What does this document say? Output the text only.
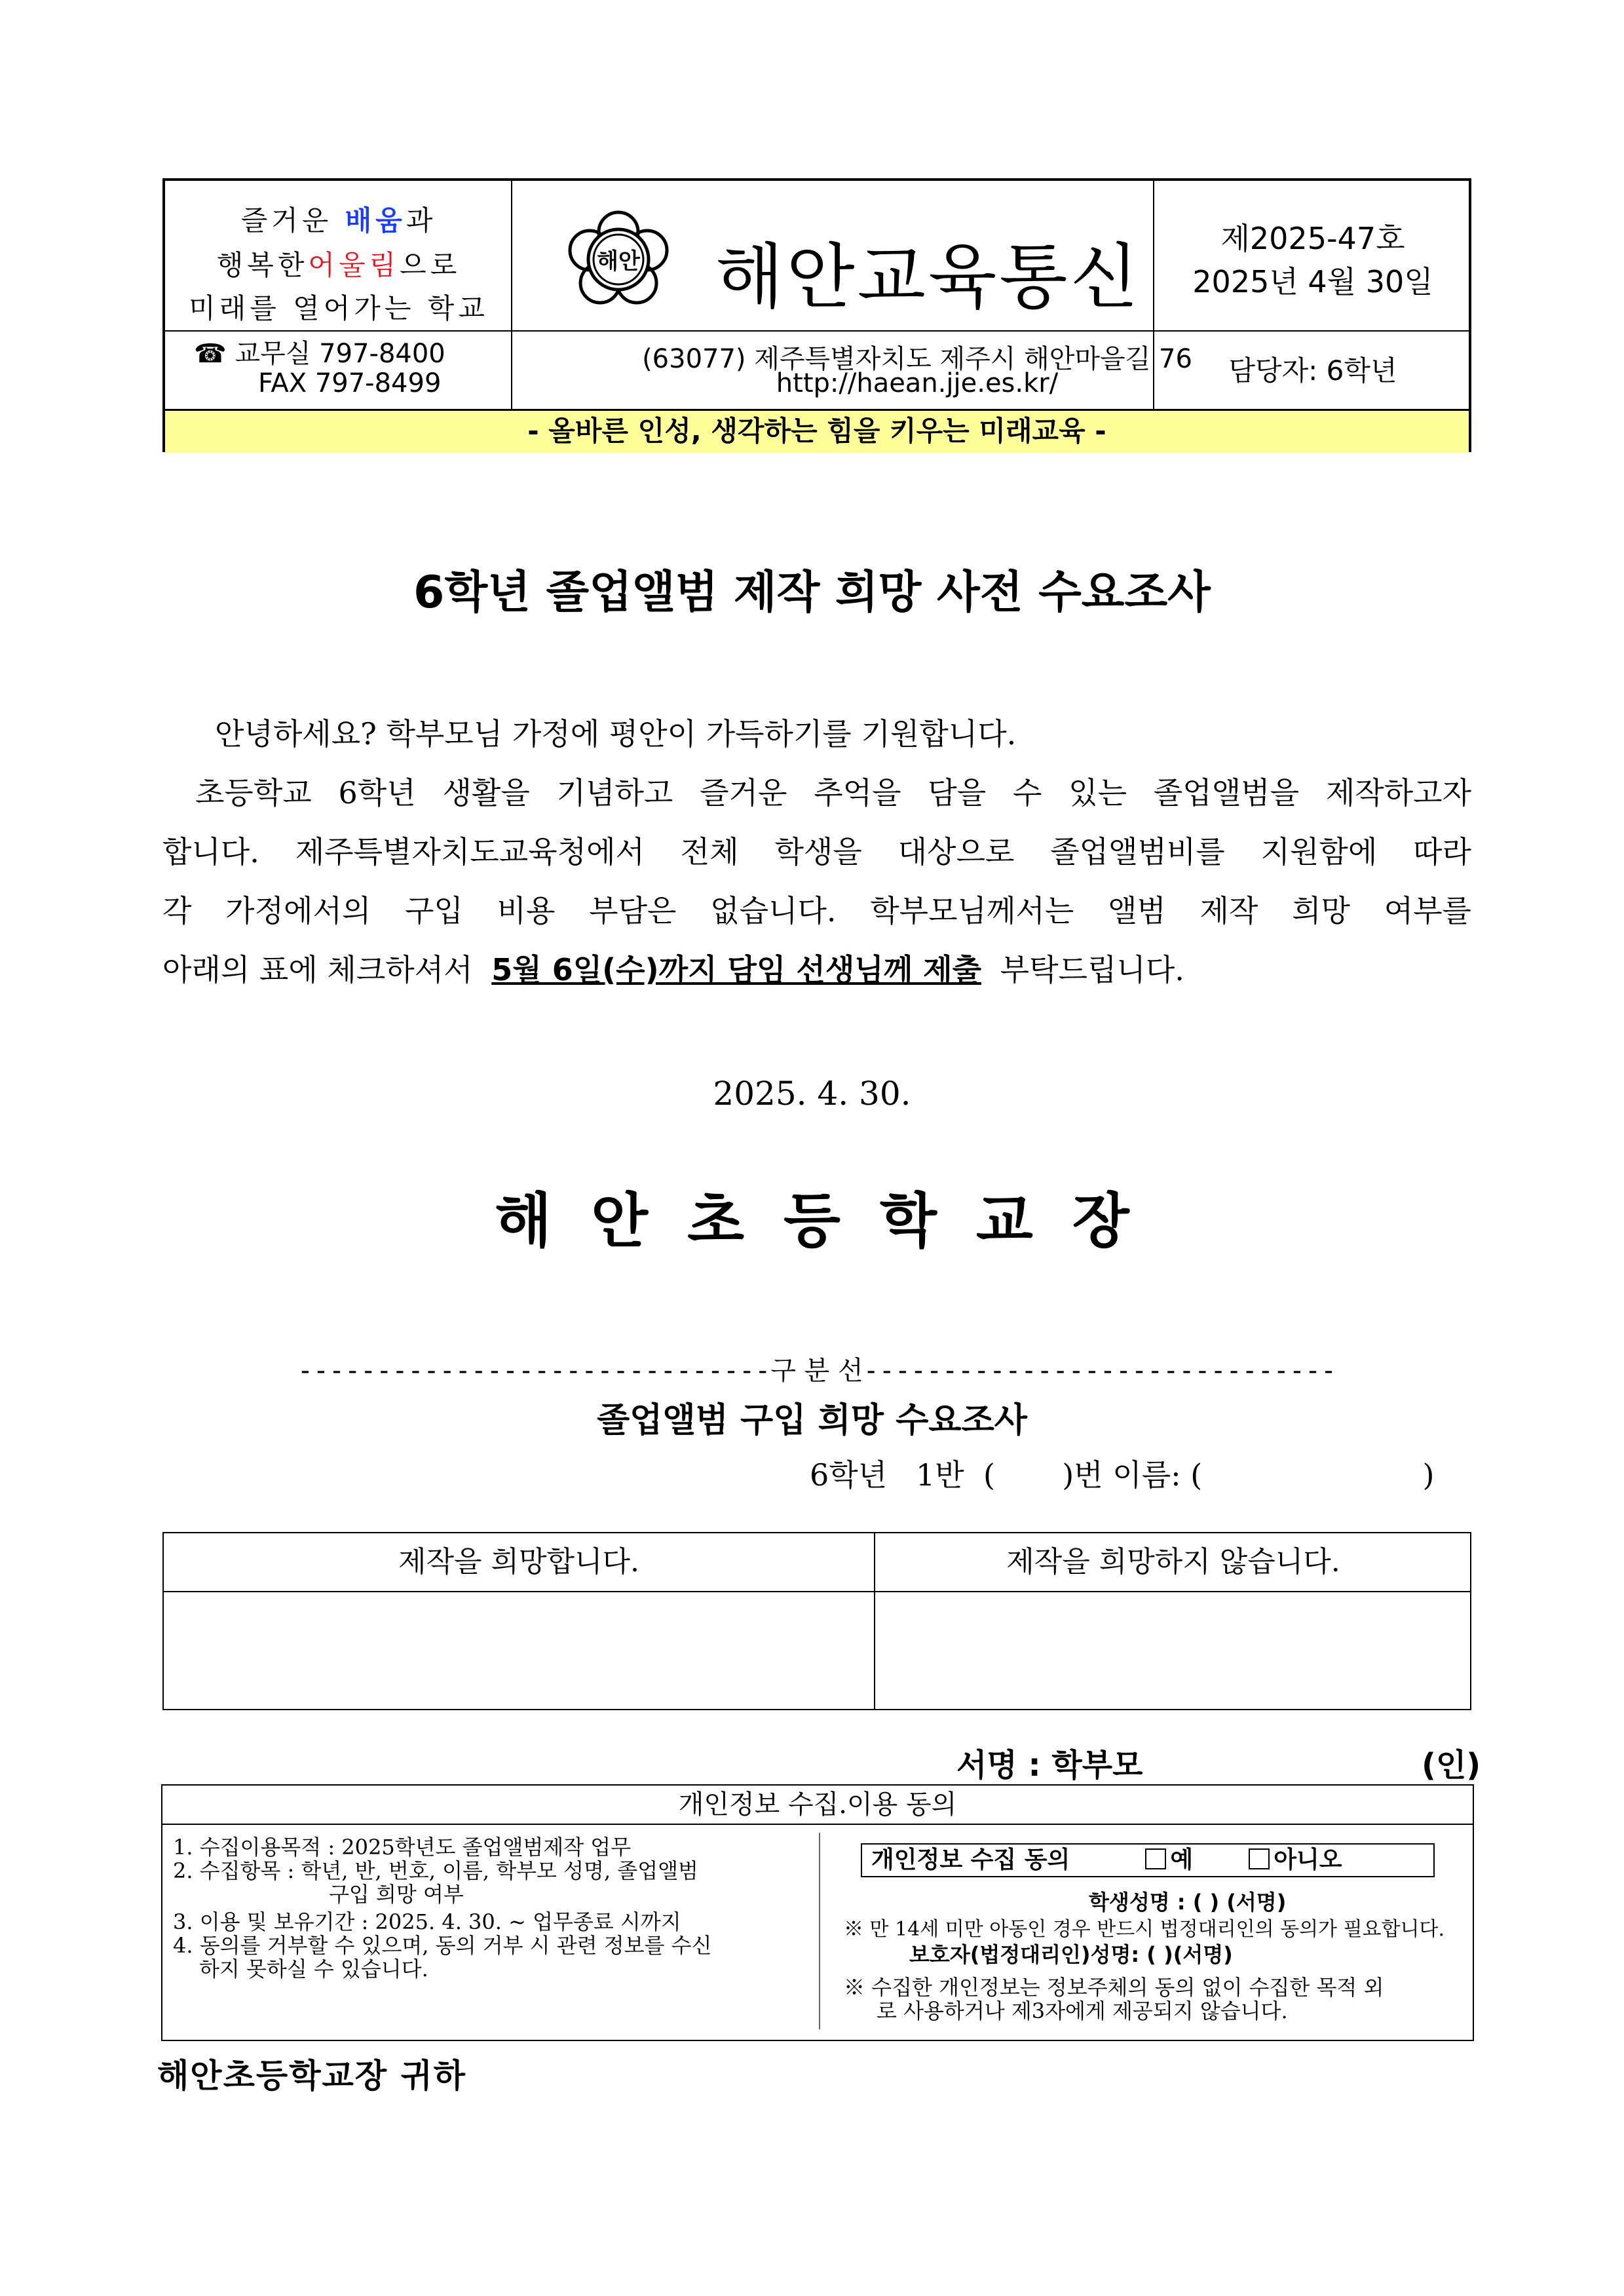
즐거운 배움과
행복한어울림으로
미래를 열어가는 학교
☎ 교무실 797-8400
FAX 797-8499
해안 해안교육통신	제2025-47호
2025년 4월 30일
(63077) 제주특별자치도 제주시 해안마을길 76
http://haean.jje.es.kr/	담당자: 6학년
- 올바른 인성, 생각하는 힘을 키우는 미래교육 -
6학년 졸업앨범 제작 희망 사전 수요조사

안녕하세요? 학부모님 가정에 평안이 가득하기를 기원합니다.

초등학교 6학년 생활을 기념하고 즐거운 추억을 담을 수 있는 졸업앨범을 제작하고자

합니다. 제주특별자치도교육청에서 전체 학생을 대상으로 졸업앨범비를 지원함에 따라

각 가정에서의 구입 비용 부담은 없습니다. 학부모님께서는 앨범 제작 희망 여부를

아래의 표에 체크하셔서 5월 6일(수)까지 담임 선생님께 제출 부탁드립니다.

2025. 4. 30.
해안초등학교장
------------------------------구 분 선------------------------------
졸업앨범 구입 희망 수요조사
6학년   1반  (       )번 이름: (                       )
제작을 희망합니다.	제작을 희망하지 않습니다.
서명 : 학부모	(인)
개인정보 수집.이용 동의
1. 수집이용목적 : 2025학년도 졸업앨범제작 업무
2. 수집항목 : 학년, 반, 번호, 이름, 학부모 성명, 졸업앨범
구입 희망 여부
3. 이용 및 보유기간 : 2025. 4. 30. ~ 업무종료 시까지
4. 동의를 거부할 수 있으며, 동의 거부 시 관련 정보를 수신
하지 못하실 수 있습니다.
개인정보 수집 동의	예	아니오
학생성명 : ( ) (서명)
※ 만 14세 미만 아동인 경우 반드시 법정대리인의 동의가 필요합니다.
보호자(법정대리인)성명: ( )(서명)
※ 수집한 개인정보는 정보주체의 동의 없이 수집한 목적 외
로 사용하거나 제3자에게 제공되지 않습니다.
해안초등학교장 귀하
